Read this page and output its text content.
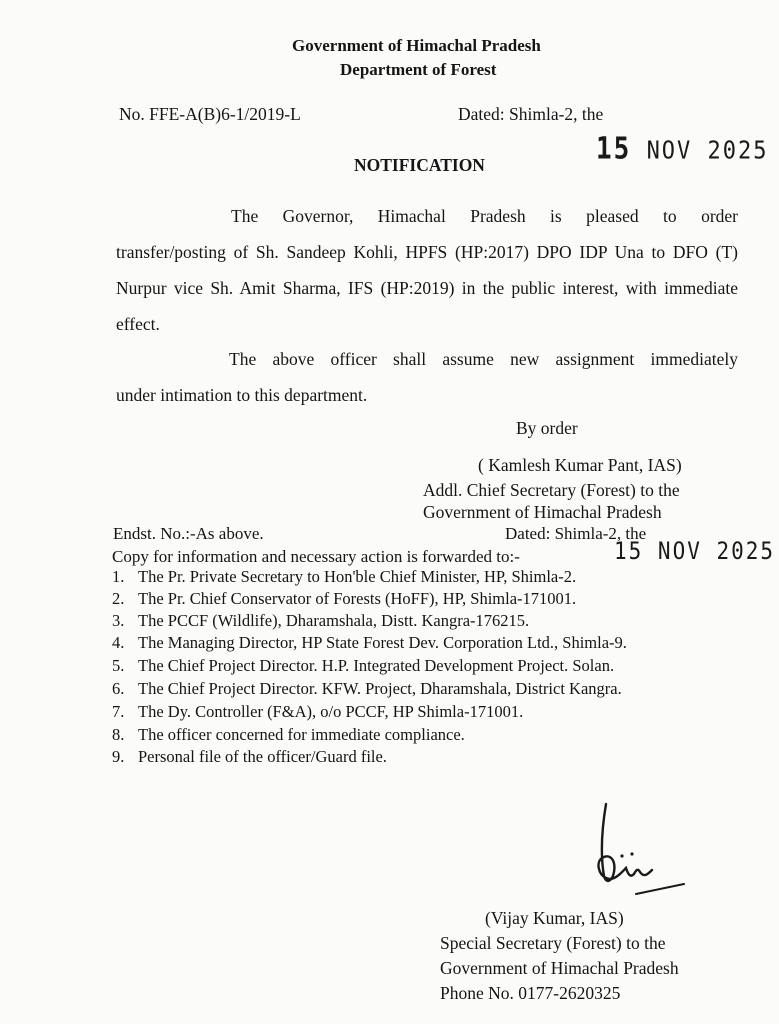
Government of Himachal Pradesh
Department of Forest
No. FFE-A(B)6-1/2019-L	Dated: Shimla-2, the
15 NOV 2025
NOTIFICATION
The Governor, Himachal Pradesh is pleased to order
transfer/posting of Sh. Sandeep Kohli, HPFS (HP:2017) DPO IDP Una to DFO (T) Nurpur vice Sh. Amit Sharma, IFS (HP:2019) in the public interest, with immediate effect.
The above officer shall assume new assignment immediately
under intimation to this department.
By order
( Kamlesh Kumar Pant, IAS)
Addl. Chief Secretary (Forest) to the
Government of Himachal Pradesh
Endst. No.:-As above.	Dated: Shimla-2, the
15 NOV 2025
Copy for information and necessary action is forwarded to:-
1. The Pr. Private Secretary to Hon'ble Chief Minister, HP, Shimla-2.
2. The Pr. Chief Conservator of Forests (HoFF), HP, Shimla-171001.
3. The PCCF (Wildlife), Dharamshala, Distt. Kangra-176215.
4. The Managing Director, HP State Forest Dev. Corporation Ltd., Shimla-9.
5. The Chief Project Director. H.P. Integrated Development Project. Solan.
6. The Chief Project Director. KFW. Project, Dharamshala, District Kangra.
7. The Dy. Controller (F&A), o/o PCCF, HP Shimla-171001.
8. The officer concerned for immediate compliance.
9. Personal file of the officer/Guard file.
(Vijay Kumar, IAS)
Special Secretary (Forest) to the
Government of Himachal Pradesh
Phone No. 0177-2620325
